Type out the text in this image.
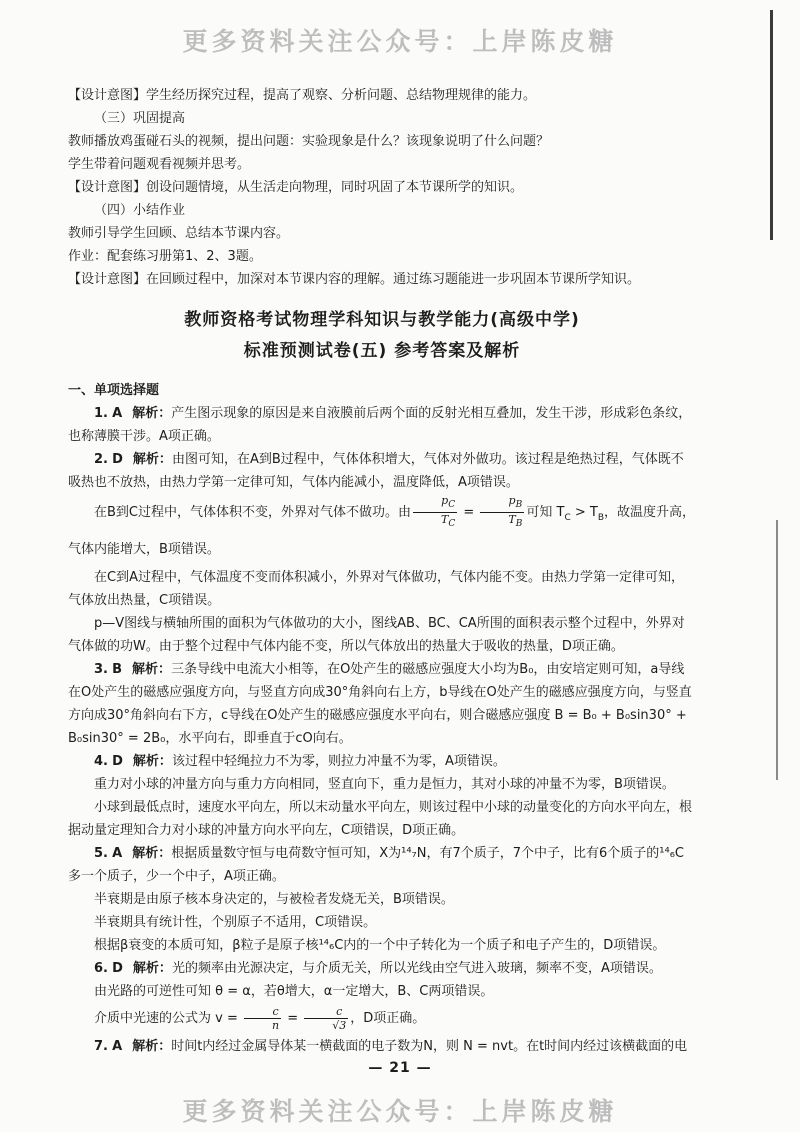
更多资料关注公众号：上岸陈皮糖

【设计意图】学生经历探究过程，提高了观察、分析问题、总结物理规律的能力。

（三）巩固提高

教师播放鸡蛋碰石头的视频，提出问题：实验现象是什么？该现象说明了什么问题？

学生带着问题观看视频并思考。

【设计意图】创设问题情境，从生活走向物理，同时巩固了本节课所学的知识。

（四）小结作业

教师引导学生回顾、总结本节课内容。

作业：配套练习册第1、2、3题。

【设计意图】在回顾过程中，加深对本节课内容的理解。通过练习题能进一步巩固本节课所学知识。

教师资格考试物理学科知识与教学能力(高级中学)
标准预测试卷(五) 参考答案及解析

一、单项选择题

1. A 解析：产生图示现象的原因是来自液膜前后两个面的反射光相互叠加，发生干涉，形成彩色条纹，也称薄膜干涉。A项正确。

2. D 解析：由图可知，在A到B过程中，气体体积增大，气体对外做功。该过程是绝热过程，气体既不吸热也不放热，由热力学第一定律可知，气体内能减小，温度降低，A项错误。

在B到C过程中，气体体积不变，外界对气体不做功。由 $\frac{p_C}{T_C} = \frac{p_B}{T_B}$ 可知 $T_C > T_B$，故温度升高，气体内能增大，B项错误。

在C到A过程中，气体温度不变而体积减小，外界对气体做功，气体内能不变。由热力学第一定律可知，气体放出热量，C项错误。

p—V图线与横轴所围的面积为气体做功的大小，图线AB、BC、CA所围的面积表示整个过程中，外界对气体做的功W。由于整个过程中气体内能不变，所以气体放出的热量大于吸收的热量，D项正确。

3. B 解析：三条导线中电流大小相等，在O处产生的磁感应强度大小均为B₀，由安培定则可知，a导线在O处产生的磁感应强度方向，与竖直方向成30°角斜向右上方，b导线在O处产生的磁感应强度方向，与竖直方向成30°角斜向右下方，c导线在O处产生的磁感应强度水平向右，则合磁感应强度 B = B₀ + B₀sin30° + B₀sin30° = 2B₀，水平向右，即垂直于cO向右。

4. D 解析：该过程中轻绳拉力不为零，则拉力冲量不为零，A项错误。

重力对小球的冲量方向与重力方向相同，竖直向下，重力是恒力，其对小球的冲量不为零，B项错误。

小球到最低点时，速度水平向左，所以末动量水平向左，则该过程中小球的动量变化的方向水平向左，根据动量定理知合力对小球的冲量方向水平向左，C项错误，D项正确。

5. A 解析：根据质量数守恒与电荷数守恒可知，X为¹⁴₇N，有7个质子，7个中子，比有6个质子的¹⁴₆C多一个质子，少一个中子，A项正确。

半衰期是由原子核本身决定的，与被检者发烧无关，B项错误。

半衰期具有统计性，个别原子不适用，C项错误。

根据β衰变的本质可知，β粒子是原子核¹⁴₆C内的一个中子转化为一个质子和电子产生的，D项错误。

6. D 解析：光的频率由光源决定，与介质无关，所以光线由空气进入玻璃，频率不变，A项错误。

由光路的可逆性可知 θ = α，若θ增大，α一定增大，B、C两项错误。

介质中光速的公式为 $v = \frac{c}{n} = \frac{c}{√3}$ ，D项正确。

7. A 解析：时间t内经过金属导体某一横截面的电子数为N，则 N = nvt。在t时间内经过该横截面的电

— 21 —
更多资料关注公众号：上岸陈皮糖
